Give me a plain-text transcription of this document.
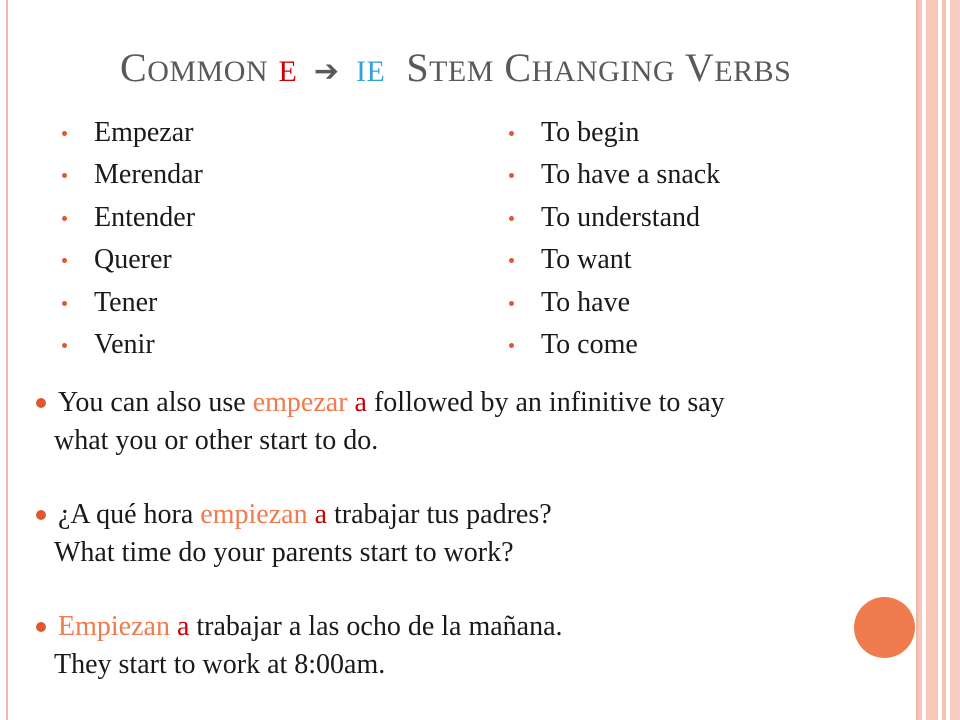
COMMON E ➔ IE STEM CHANGING VERBS
Empezar
Merendar
Entender
Querer
Tener
Venir
To begin
To have a snack
To understand
To want
To have
To come
You can also use empezar a followed by an infinitive to say
what you or other start to do.
¿A qué hora empiezan a trabajar tus padres?
What time do your parents start to work?
Empiezan a trabajar a las ocho de la mañana.
They start to work at 8:00am.
